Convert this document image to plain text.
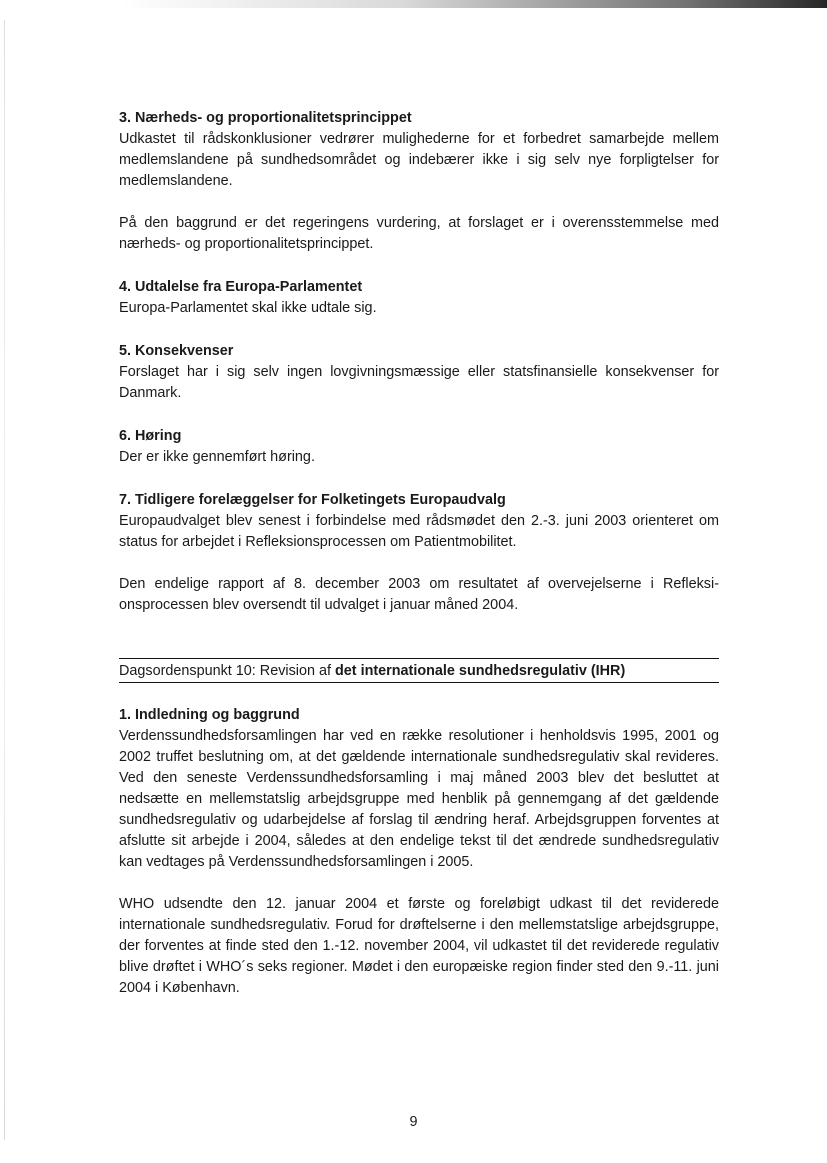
3. Nærheds- og proportionalitetsprincippet

Udkastet til rådskonklusioner vedrører mulighederne for et forbedret samarbejde mellem medlemslandene på sundhedsområdet og indebærer ikke i sig selv nye forpligtelser for medlemslandene.

På den baggrund er det regeringens vurdering, at forslaget er i overensstemmelse med nærheds- og proportionalitetsprincippet.

4. Udtalelse fra Europa-Parlamentet

Europa-Parlamentet skal ikke udtale sig.

5. Konsekvenser

Forslaget har i sig selv ingen lovgivningsmæssige eller statsfinansielle konsekvenser for Danmark.

6. Høring

Der er ikke gennemført høring.

7. Tidligere forelæggelser for Folketingets Europaudvalg

Europaudvalget blev senest i forbindelse med rådsmødet den 2.-3. juni 2003 orienteret om status for arbejdet i Refleksionsprocessen om Patientmobilitet.

Den endelige rapport af 8. december 2003 om resultatet af overvejelserne i Refleksionsprocessen blev oversendt til udvalget i januar måned 2004.

Dagsordenspunkt 10: Revision af det internationale sundhedsregulativ (IHR)
1. Indledning og baggrund

Verdenssundhedsforsamlingen har ved en række resolutioner i henholdsvis 1995, 2001 og 2002 truffet beslutning om, at det gældende internationale sundhedsregulativ skal revideres. Ved den seneste Verdenssundhedsforsamling i maj måned 2003 blev det besluttet at nedsætte en mellemstatslig arbejdsgruppe med henblik på gennemgang af det gældende sundhedsregulativ og udarbejdelse af forslag til ændring heraf. Arbejdsgruppen forventes at afslutte sit arbejde i 2004, således at den endelige tekst til det ændrede sundhedsregulativ kan vedtages på Verdenssundhedsforsamlingen i 2005.

WHO udsendte den 12. januar 2004 et første og foreløbigt udkast til det reviderede internationale sundhedsregulativ. Forud for drøftelserne i den mellemstatslige arbejdsgruppe, der forventes at finde sted den 1.-12. november 2004, vil udkastet til det reviderede regulativ blive drøftet i WHO´s seks regioner. Mødet i den europæiske region finder sted den 9.-11. juni 2004 i København.

9
